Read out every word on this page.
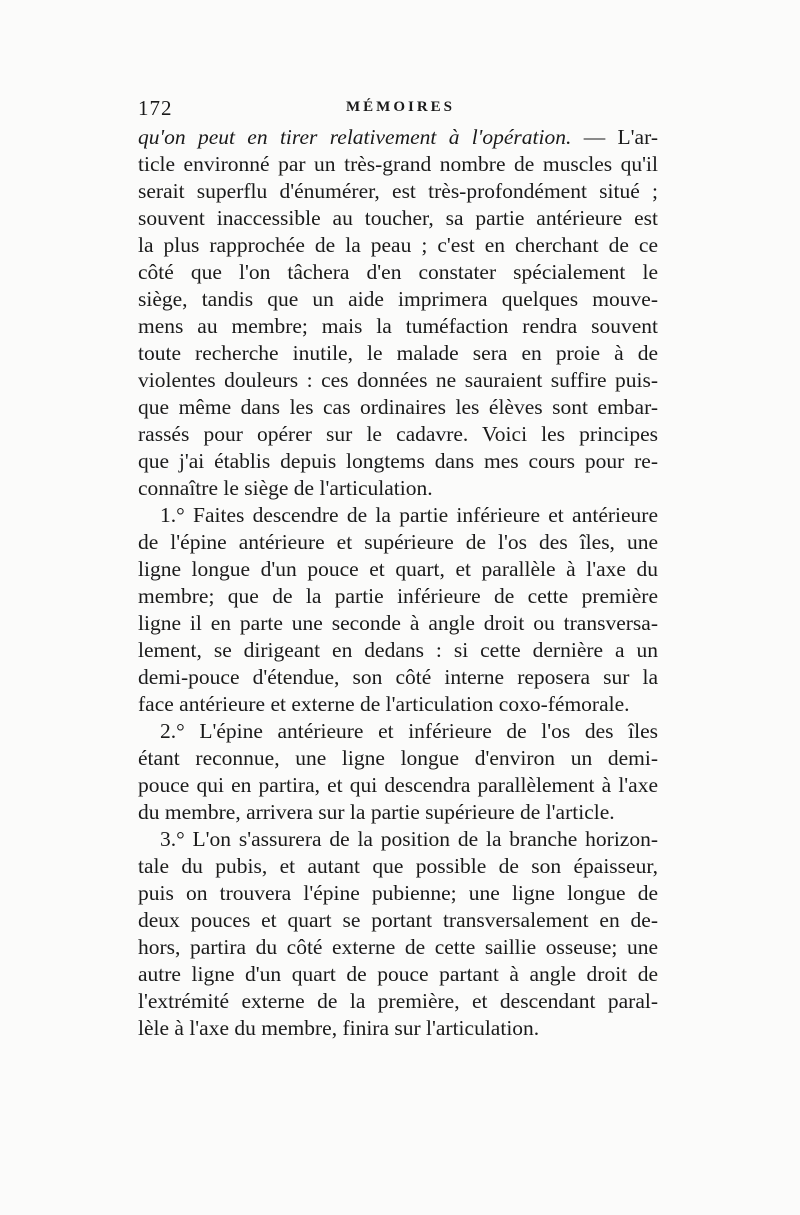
172	MÉMOIRES
qu'on peut en tirer relativement à l'opération. — L'ar-
ticle environné par un très-grand nombre de muscles qu'il
serait superflu d'énumérer, est très-profondément situé ;
souvent inaccessible au toucher, sa partie antérieure est
la plus rapprochée de la peau ; c'est en cherchant de ce
côté que l'on tâchera d'en constater spécialement le
siège, tandis que un aide imprimera quelques mouve-
mens au membre; mais la tuméfaction rendra souvent
toute recherche inutile, le malade sera en proie à de
violentes douleurs : ces données ne sauraient suffire puis-
que même dans les cas ordinaires les élèves sont embar-
rassés pour opérer sur le cadavre. Voici les principes
que j'ai établis depuis longtems dans mes cours pour re-
connaître le siège de l'articulation.
1.° Faites descendre de la partie inférieure et antérieure
de l'épine antérieure et supérieure de l'os des îles, une
ligne longue d'un pouce et quart, et parallèle à l'axe du
membre; que de la partie inférieure de cette première
ligne il en parte une seconde à angle droit ou transversa-
lement, se dirigeant en dedans : si cette dernière a un
demi-pouce d'étendue, son côté interne reposera sur la
face antérieure et externe de l'articulation coxo-fémorale.
2.° L'épine antérieure et inférieure de l'os des îles
étant reconnue, une ligne longue d'environ un demi-
pouce qui en partira, et qui descendra parallèlement à l'axe
du membre, arrivera sur la partie supérieure de l'article.
3.° L'on s'assurera de la position de la branche horizon-
tale du pubis, et autant que possible de son épaisseur,
puis on trouvera l'épine pubienne; une ligne longue de
deux pouces et quart se portant transversalement en de-
hors, partira du côté externe de cette saillie osseuse; une
autre ligne d'un quart de pouce partant à angle droit de
l'extrémité externe de la première, et descendant paral-
lèle à l'axe du membre, finira sur l'articulation.
